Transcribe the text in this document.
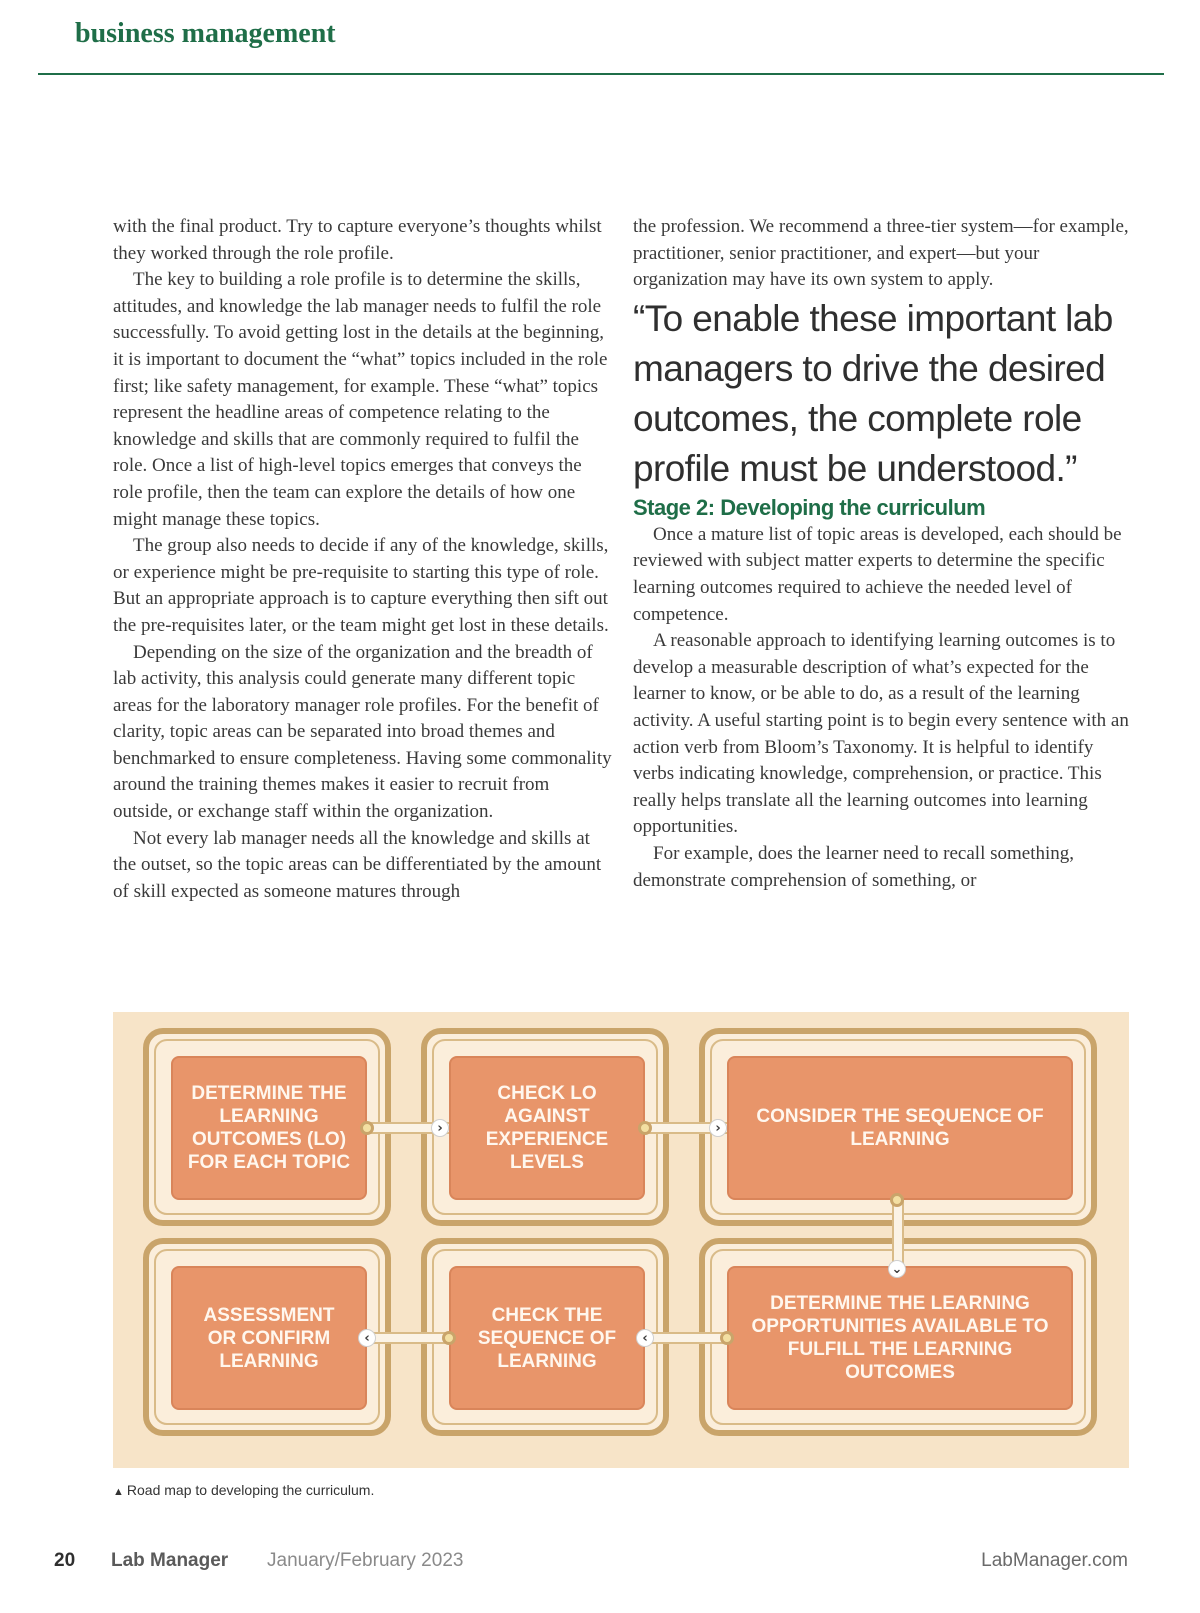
business management

with the final product. Try to capture everyone’s thoughts whilst they worked through the role profile.

The key to building a role profile is to determine the skills, attitudes, and knowledge the lab manager needs to fulfil the role successfully. To avoid getting lost in the details at the beginning, it is important to document the “what” topics included in the role first; like safety management, for example. These “what” topics represent the headline areas of competence relating to the knowledge and skills that are commonly required to fulfil the role. Once a list of high-level topics emerges that conveys the role profile, then the team can explore the details of how one might manage these topics.

The group also needs to decide if any of the knowledge, skills, or experience might be pre-requisite to starting this type of role. But an appropriate approach is to capture everything then sift out the pre-requisites later, or the team might get lost in these details.

Depending on the size of the organization and the breadth of lab activity, this analysis could generate many different topic areas for the laboratory manager role profiles. For the benefit of clarity, topic areas can be separated into broad themes and benchmarked to ensure completeness. Having some commonality around the training themes makes it easier to recruit from outside, or exchange staff within the organization.

Not every lab manager needs all the knowledge and skills at the outset, so the topic areas can be differentiated by the amount of skill expected as someone matures through

the profession. We recommend a three-tier system—for example, practitioner, senior practitioner, and expert—but your organization may have its own system to apply.

“To enable these important lab managers to drive the desired outcomes, the complete role profile must be understood.”

Stage 2: Developing the curriculum

Once a mature list of topic areas is developed, each should be reviewed with subject matter experts to determine the specific learning outcomes required to achieve the needed level of competence.

A reasonable approach to identifying learning outcomes is to develop a measurable description of what’s expected for the learner to know, or be able to do, as a result of the learning activity. A useful starting point is to begin every sentence with an action verb from Bloom’s Taxonomy. It is helpful to identify verbs indicating knowledge, comprehension, or practice. This really helps translate all the learning outcomes into learning opportunities.

For example, does the learner need to recall something, demonstrate comprehension of something, or

DETERMINE THE LEARNING OUTCOMES (LO) FOR EACH TOPIC
CHECK LO AGAINST EXPERIENCE LEVELS
CONSIDER THE SEQUENCE OF LEARNING
DETERMINE THE LEARNING OPPORTUNITIES AVAILABLE TO FULFILL THE LEARNING OUTCOMES
CHECK THE SEQUENCE OF LEARNING
ASSESSMENT OR CONFIRM LEARNING
›	›
⌄
‹
‹

▲ Road map to developing the curriculum.

20 Lab Manager January/February 2023	LabManager.com
